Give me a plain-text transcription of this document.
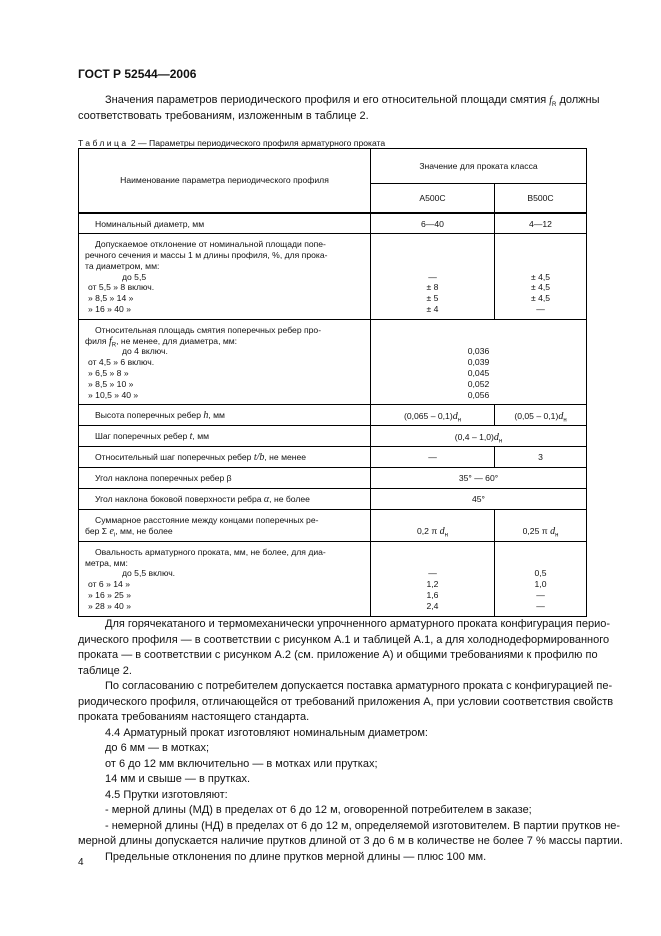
ГОСТ Р 52544—2006
Значения параметров периодического профиля и его относительной площади смятия $f_R$ должны
соответствовать требованиям, изложенным в таблице 2.
Таблица 2 — Параметры периодического профиля арматурного проката
Наименование параметра периодического профиля	Значение для проката класса
А500С	В500С

Номинальный диаметр, мм	6—40	4—12

Допускаемое отклонение от номинальной площади попе-
речного сечения и массы 1 м длины профиля, %, для прока-
та диаметром, мм:
до 5,5
от 5,5 » 8 включ.
» 8,5 » 14 »
» 16 » 40 »

—
± 8
± 5
± 4

± 4,5
± 4,5
± 4,5
—

Относительная площадь смятия поперечных ребер про-
филя $f_R$, не менее, для диаметра, мм:
до 4 включ.
от 4,5 » 6 включ.
» 6,5 » 8 »
» 8,5 » 10 »
» 10,5 » 40 »

0,036
0,039
0,045
0,052
0,056

Высота поперечных ребер h, мм	$(0,065 - 0,1)d_н$	$(0,05 - 0,1)d_н$

Шаг поперечных ребер t, мм	$(0,4 - 1,0)d_н$

Относительный шаг поперечных ребер t/b, не менее	—	3

Угол наклона поперечных ребер β	35° — 60°

Угол наклона боковой поверхности ребра α, не более	45°

Суммарное расстояние между концами поперечных ре-
бер Σ $e_i$, мм, не более	0,2 π $d_н$	0,25 π $d_н$

Овальность арматурного проката, мм, не более, для диа-
метра, мм:
до 5,5 включ.
от 6 » 14 »
» 16 » 25 »
» 28 » 40 »

—
1,2
1,6
2,4

0,5
1,0
—
—
Для горячекатаного и термомеханически упрочненного арматурного проката конфигурация перио-
дического профиля — в соответствии с рисунком А.1 и таблицей А.1, а для холоднодеформированного
проката — в соответствии с рисунком А.2 (см. приложение А) и общими требованиями к профилю по
таблице 2.
По согласованию с потребителем допускается поставка арматурного проката с конфигурацией пе-
риодического профиля, отличающейся от требований приложения А, при условии соответствия свойств
проката требованиям настоящего стандарта.
4.4 Арматурный прокат изготовляют номинальным диаметром:
до 6 мм — в мотках;
от 6 до 12 мм включительно — в мотках или прутках;
14 мм и свыше — в прутках.
4.5 Прутки изготовляют:
- мерной длины (МД) в пределах от 6 до 12 м, оговоренной потребителем в заказе;
- немерной длины (НД) в пределах от 6 до 12 м, определяемой изготовителем. В партии прутков не-
мерной длины допускается наличие прутков длиной от 3 до 6 м в количестве не более 7 % массы партии.
Предельные отклонения по длине прутков мерной длины — плюс 100 мм.
4
